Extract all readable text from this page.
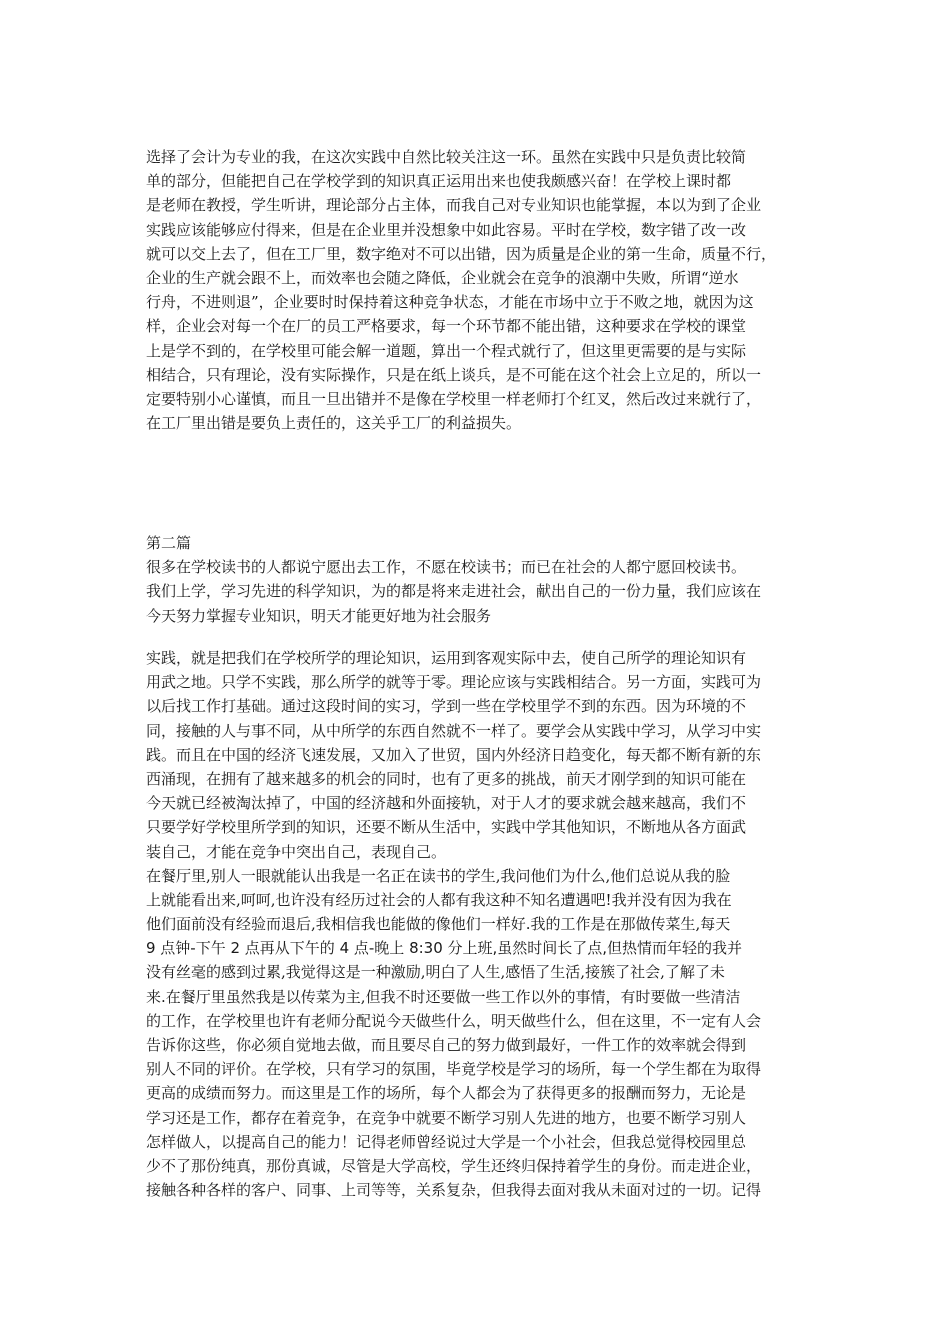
选择了会计为专业的我，在这次实践中自然比较关注这一环。虽然在实践中只是负责比较简
单的部分，但能把自己在学校学到的知识真正运用出来也使我颇感兴奋！在学校上课时都
是老师在教授，学生听讲，理论部分占主体，而我自己对专业知识也能掌握，本以为到了企业
实践应该能够应付得来，但是在企业里并没想象中如此容易。平时在学校，数字错了改一改
就可以交上去了，但在工厂里，数字绝对不可以出错，因为质量是企业的第一生命，质量不行，
企业的生产就会跟不上，而效率也会随之降低，企业就会在竞争的浪潮中失败，所谓“逆水
行舟，不进则退”，企业要时时保持着这种竞争状态，才能在市场中立于不败之地，就因为这
样，企业会对每一个在厂的员工严格要求，每一个环节都不能出错，这种要求在学校的课堂
上是学不到的，在学校里可能会解一道题，算出一个程式就行了，但这里更需要的是与实际
相结合，只有理论，没有实际操作，只是在纸上谈兵，是不可能在这个社会上立足的，所以一
定要特别小心谨慎，而且一旦出错并不是像在学校里一样老师打个红叉，然后改过来就行了，
在工厂里出错是要负上责任的，这关乎工厂的利益损失。
第二篇
很多在学校读书的人都说宁愿出去工作，不愿在校读书；而已在社会的人都宁愿回校读书。
我们上学，学习先进的科学知识，为的都是将来走进社会，献出自己的一份力量，我们应该在
今天努力掌握专业知识，明天才能更好地为社会服务
实践，就是把我们在学校所学的理论知识，运用到客观实际中去，使自己所学的理论知识有
用武之地。只学不实践，那么所学的就等于零。理论应该与实践相结合。另一方面，实践可为
以后找工作打基础。通过这段时间的实习，学到一些在学校里学不到的东西。因为环境的不
同，接触的人与事不同，从中所学的东西自然就不一样了。要学会从实践中学习，从学习中实
践。而且在中国的经济飞速发展，又加入了世贸，国内外经济日趋变化，每天都不断有新的东
西涌现，在拥有了越来越多的机会的同时，也有了更多的挑战，前天才刚学到的知识可能在
今天就已经被淘汰掉了，中国的经济越和外面接轨，对于人才的要求就会越来越高，我们不
只要学好学校里所学到的知识，还要不断从生活中，实践中学其他知识，不断地从各方面武
装自己，才能在竞争中突出自己，表现自己。
在餐厅里,别人一眼就能认出我是一名正在读书的学生,我问他们为什么,他们总说从我的脸
上就能看出来,呵呵,也许没有经历过社会的人都有我这种不知名遭遇吧!我并没有因为我在
他们面前没有经验而退后,我相信我也能做的像他们一样好.我的工作是在那做传菜生,每天
9 点钟-下午 2 点再从下午的 4 点-晚上 8:30 分上班,虽然时间长了点,但热情而年轻的我并
没有丝毫的感到过累,我觉得这是一种激励,明白了人生,感悟了生活,接簇了社会,了解了未
来.在餐厅里虽然我是以传菜为主,但我不时还要做一些工作以外的事情，有时要做一些清洁
的工作，在学校里也许有老师分配说今天做些什么，明天做些什么，但在这里，不一定有人会
告诉你这些，你必须自觉地去做，而且要尽自己的努力做到最好，一件工作的效率就会得到
别人不同的评价。在学校，只有学习的氛围，毕竟学校是学习的场所，每一个学生都在为取得
更高的成绩而努力。而这里是工作的场所，每个人都会为了获得更多的报酬而努力，无论是
学习还是工作，都存在着竞争，在竞争中就要不断学习别人先进的地方，也要不断学习别人
怎样做人，以提高自己的能力！记得老师曾经说过大学是一个小社会，但我总觉得校园里总
少不了那份纯真，那份真诚，尽管是大学高校，学生还终归保持着学生的身份。而走进企业，
接触各种各样的客户、同事、上司等等，关系复杂，但我得去面对我从未面对过的一切。记得
